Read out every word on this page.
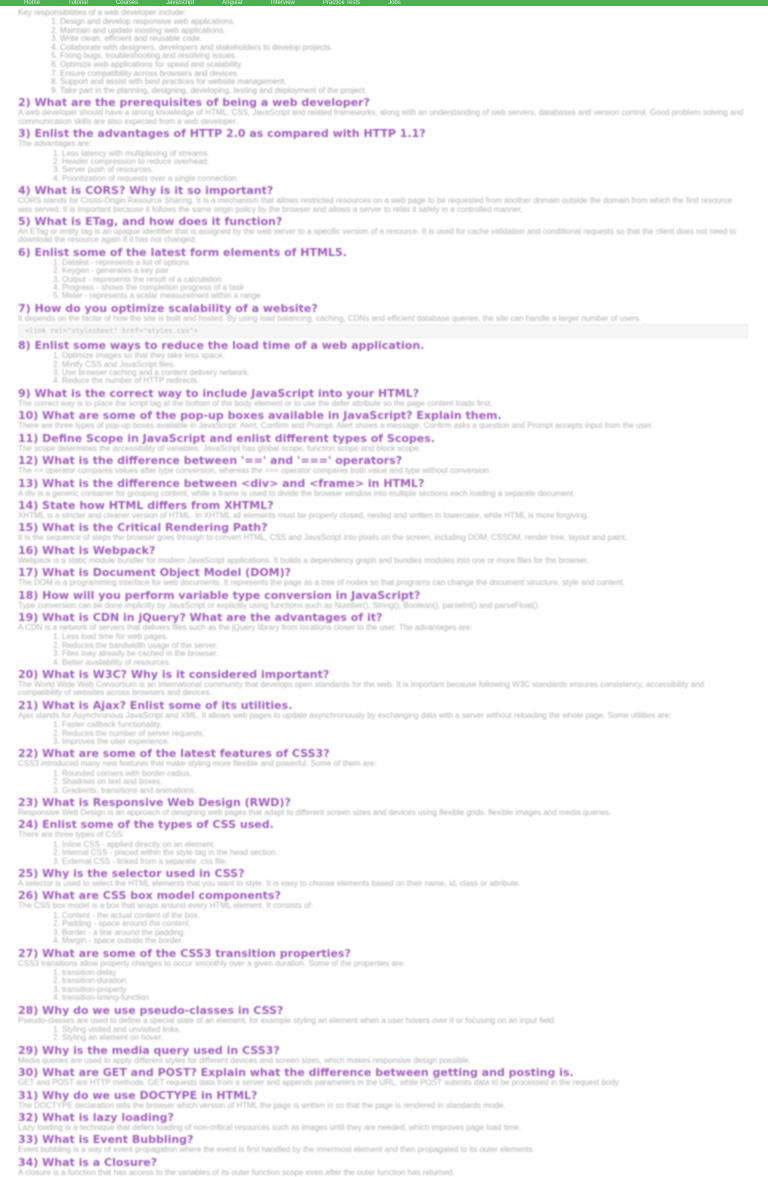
Home	Tutorial	Courses	JavaScript	Angular	Interview	Practice Tests	Jobs

Key responsibilities of a web developer include:

1. Design and develop responsive web applications.
2. Maintain and update existing web applications.
3. Write clean, efficient and reusable code.
4. Collaborate with designers, developers and stakeholders to develop projects.
5. Fixing bugs, troubleshooting and resolving issues.
6. Optimize web applications for speed and scalability.
7. Ensure compatibility across browsers and devices.
8. Support and assist with best practices for website management.
9. Take part in the planning, designing, developing, testing and deployment of the project.
2) What are the prerequisites of being a web developer?

A web developer should have a strong knowledge of HTML, CSS, JavaScript and related frameworks, along with an understanding of web servers, databases and version control. Good problem solving and communication skills are also expected from a web developer.

3) Enlist the advantages of HTTP 2.0 as compared with HTTP 1.1?

The advantages are:

1. Less latency with multiplexing of streams.
2. Header compression to reduce overhead.
3. Server push of resources.
4. Prioritization of requests over a single connection.
4) What is CORS? Why is it so important?

CORS stands for Cross-Origin Resource Sharing. It is a mechanism that allows restricted resources on a web page to be requested from another domain outside the domain from which the first resource was served. It is important because it follows the same origin policy by the browser and allows a server to relax it safely in a controlled manner.

5) What is ETag, and how does it function?

An ETag or entity tag is an opaque identifier that is assigned by the web server to a specific version of a resource. It is used for cache validation and conditional requests so that the client does not need to download the resource again if it has not changed.

6) Enlist some of the latest form elements of HTML5.
1. Datalist - represents a list of options
2. Keygen - generates a key pair
3. Output - represents the result of a calculation
4. Progress - shows the completion progress of a task
5. Meter - represents a scalar measurement within a range
7) How do you optimize scalability of a website?

It depends on the factor of how the site is built and hosted. By using load balancing, caching, CDNs and efficient database queries, the site can handle a larger number of users.

<link rel="stylesheet" href="styles.css">
8) Enlist some ways to reduce the load time of a web application.
1. Optimize images so that they take less space.
2. Minify CSS and JavaScript files.
3. Use browser caching and a content delivery network.
4. Reduce the number of HTTP redirects.
9) What is the correct way to include JavaScript into your HTML?

The correct way is to place the script tag at the bottom of the body element or to use the defer attribute so the page content loads first.

10) What are some of the pop-up boxes available in JavaScript? Explain them.

There are three types of pop-up boxes available in JavaScript: Alert, Confirm and Prompt. Alert shows a message, Confirm asks a question and Prompt accepts input from the user.

11) Define Scope in JavaScript and enlist different types of Scopes.

The scope determines the accessibility of variables. JavaScript has global scope, function scope and block scope.

12) What is the difference between '==' and '===' operators?

The == operator compares values after type conversion, whereas the === operator compares both value and type without conversion.

13) What is the difference between <div> and <frame> in HTML?

A div is a generic container for grouping content, while a frame is used to divide the browser window into multiple sections each loading a separate document.

14) State how HTML differs from XHTML?

XHTML is a stricter and cleaner version of HTML. In XHTML all elements must be properly closed, nested and written in lowercase, while HTML is more forgiving.

15) What is the Critical Rendering Path?

It is the sequence of steps the browser goes through to convert HTML, CSS and JavaScript into pixels on the screen, including DOM, CSSOM, render tree, layout and paint.

16) What is Webpack?

Webpack is a static module bundler for modern JavaScript applications. It builds a dependency graph and bundles modules into one or more files for the browser.

17) What is Document Object Model (DOM)?

The DOM is a programming interface for web documents. It represents the page as a tree of nodes so that programs can change the document structure, style and content.

18) How will you perform variable type conversion in JavaScript?

Type conversion can be done implicitly by JavaScript or explicitly using functions such as Number(), String(), Boolean(), parseInt() and parseFloat().

19) What is CDN in jQuery? What are the advantages of it?

A CDN is a network of servers that delivers files such as the jQuery library from locations closer to the user. The advantages are:

1. Less load time for web pages.
2. Reduces the bandwidth usage of the server.
3. Files may already be cached in the browser.
4. Better availability of resources.
20) What is W3C? Why is it considered important?

The World Wide Web Consortium is an international community that develops open standards for the web. It is important because following W3C standards ensures consistency, accessibility and compatibility of websites across browsers and devices.

21) What is Ajax? Enlist some of its utilities.

Ajax stands for Asynchronous JavaScript and XML. It allows web pages to update asynchronously by exchanging data with a server without reloading the whole page. Some utilities are:

1. Faster callback functionality.
2. Reduces the number of server requests.
3. Improves the user experience.
22) What are some of the latest features of CSS3?

CSS3 introduced many new features that make styling more flexible and powerful. Some of them are:

1. Rounded corners with border-radius.
2. Shadows on text and boxes.
3. Gradients, transitions and animations.
23) What is Responsive Web Design (RWD)?

Responsive Web Design is an approach of designing web pages that adapt to different screen sizes and devices using flexible grids, flexible images and media queries.

24) Enlist some of the types of CSS used.

There are three types of CSS:

1. Inline CSS - applied directly on an element.
2. Internal CSS - placed within the style tag in the head section.
3. External CSS - linked from a separate .css file.
25) Why is the selector used in CSS?

A selector is used to select the HTML elements that you want to style. It is easy to choose elements based on their name, id, class or attribute.

26) What are CSS box model components?

The CSS box model is a box that wraps around every HTML element. It consists of:

1. Content - the actual content of the box.
2. Padding - space around the content.
3. Border - a line around the padding.
4. Margin - space outside the border.
27) What are some of the CSS3 transition properties?

CSS3 transitions allow property changes to occur smoothly over a given duration. Some of the properties are:

1. transition-delay
2. transition-duration
3. transition-property
4. transition-timing-function
28) Why do we use pseudo-classes in CSS?

Pseudo-classes are used to define a special state of an element, for example styling an element when a user hovers over it or focusing on an input field.

1. Styling visited and unvisited links.
2. Styling an element on hover.
29) Why is the media query used in CSS3?

Media queries are used to apply different styles for different devices and screen sizes, which makes responsive design possible.

30) What are GET and POST? Explain what the difference between getting and posting is.

GET and POST are HTTP methods. GET requests data from a server and appends parameters in the URL, while POST submits data to be processed in the request body.

31) Why do we use DOCTYPE in HTML?

The DOCTYPE declaration tells the browser which version of HTML the page is written in so that the page is rendered in standards mode.

32) What is lazy loading?

Lazy loading is a technique that defers loading of non-critical resources such as images until they are needed, which improves page load time.

33) What is Event Bubbling?

Event bubbling is a way of event propagation where the event is first handled by the innermost element and then propagated to its outer elements.

34) What is a Closure?

A closure is a function that has access to the variables of its outer function scope even after the outer function has returned.
